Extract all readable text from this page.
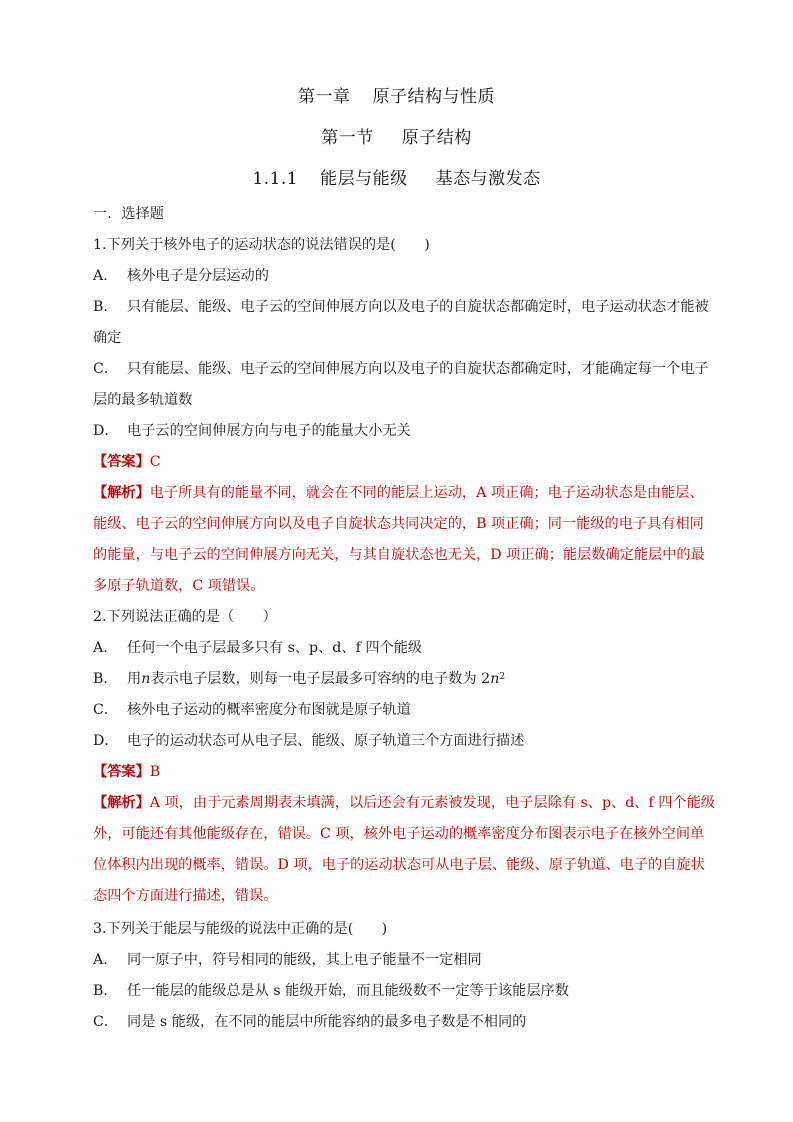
第一章 原子结构与性质
第一节 原子结构
1.1.1 能层与能级 基态与激发态
一．选择题
1.下列关于核外电子的运动状态的说法错误的是(　　)
A． 核外电子是分层运动的
B． 只有能层、能级、电子云的空间伸展方向以及电子的自旋状态都确定时，电子运动状态才能被
确定
C． 只有能层、能级、电子云的空间伸展方向以及电子的自旋状态都确定时，才能确定每一个电子
层的最多轨道数
D． 电子云的空间伸展方向与电子的能量大小无关
【答案】C
【解析】电子所具有的能量不同，就会在不同的能层上运动，A 项正确；电子运动状态是由能层、
能级、电子云的空间伸展方向以及电子自旋状态共同决定的，B 项正确；同一能级的电子具有相同
的能量，与电子云的空间伸展方向无关，与其自旋状态也无关，D 项正确；能层数确定能层中的最
多原子轨道数，C 项错误。
2.下列说法正确的是（　　）
A． 任何一个电子层最多只有 s、p、d、f 四个能级
B． 用n表示电子层数，则每一电子层最多可容纳的电子数为 $2n^2$
C． 核外电子运动的概率密度分布图就是原子轨道
D． 电子的运动状态可从电子层、能级、原子轨道三个方面进行描述
【答案】B
【解析】A 项，由于元素周期表未填满，以后还会有元素被发现，电子层除有 s、p、d、f 四个能级
外，可能还有其他能级存在，错误。C 项，核外电子运动的概率密度分布图表示电子在核外空间单
位体积内出现的概率，错误。D 项，电子的运动状态可从电子层、能级、原子轨道、电子的自旋状
态四个方面进行描述，错误。
3.下列关于能层与能级的说法中正确的是(　　)
A． 同一原子中，符号相同的能级，其上电子能量不一定相同
B． 任一能层的能级总是从 s 能级开始，而且能级数不一定等于该能层序数
C． 同是 s 能级，在不同的能层中所能容纳的最多电子数是不相同的
